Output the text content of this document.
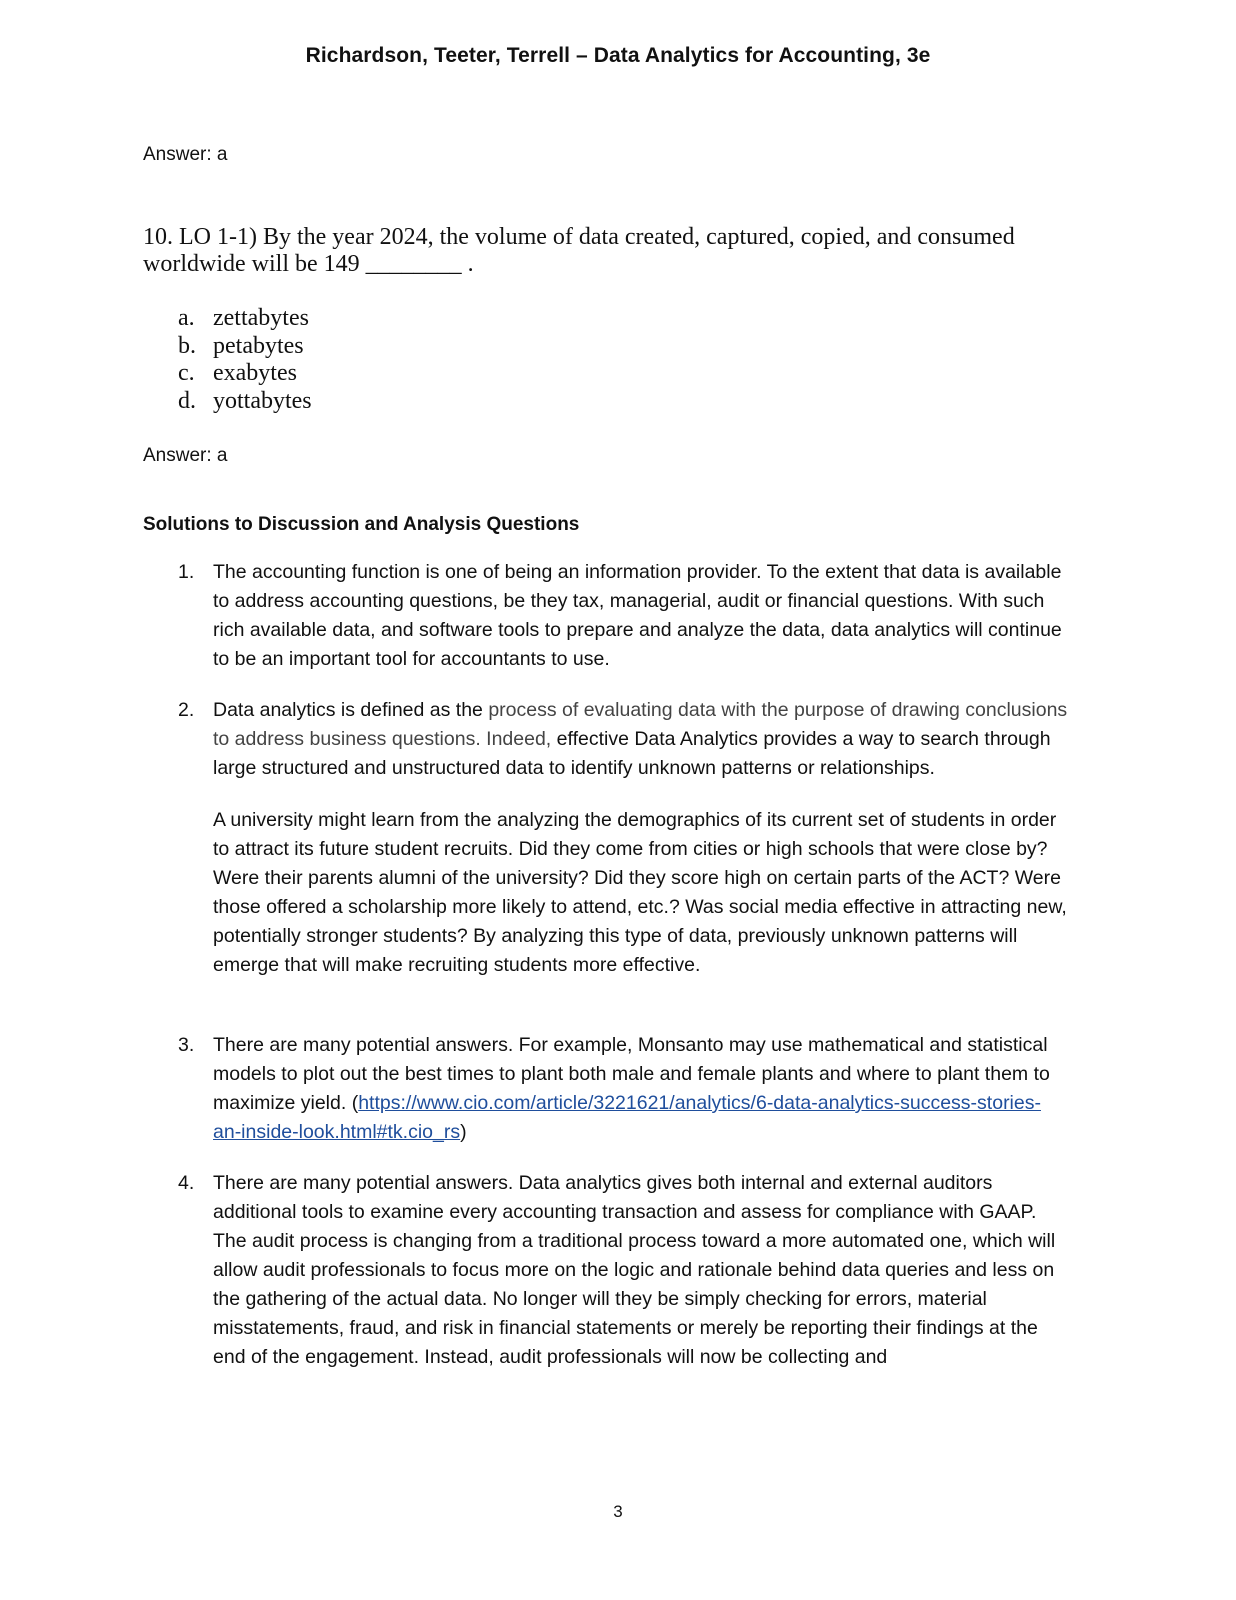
Richardson, Teeter, Terrell – Data Analytics for Accounting, 3e
Answer: a
10. LO 1-1) By the year 2024, the volume of data created, captured, copied, and consumed worldwide will be 149 ________ .
a. zettabytes
b. petabytes
c. exabytes
d. yottabytes
Answer: a
Solutions to Discussion and Analysis Questions
1. The accounting function is one of being an information provider. To the extent that data is available to address accounting questions, be they tax, managerial, audit or financial questions. With such rich available data, and software tools to prepare and analyze the data, data analytics will continue to be an important tool for accountants to use.

2. Data analytics is defined as the process of evaluating data with the purpose of drawing conclusions to address business questions. Indeed, effective Data Analytics provides a way to search through large structured and unstructured data to identify unknown patterns or relationships.

A university might learn from the analyzing the demographics of its current set of students in order to attract its future student recruits. Did they come from cities or high schools that were close by? Were their parents alumni of the university? Did they score high on certain parts of the ACT? Were those offered a scholarship more likely to attend, etc.? Was social media effective in attracting new, potentially stronger students? By analyzing this type of data, previously unknown patterns will emerge that will make recruiting students more effective.

3. There are many potential answers. For example, Monsanto may use mathematical and statistical models to plot out the best times to plant both male and female plants and where to plant them to maximize yield. (https://www.cio.com/article/3221621/analytics/6-data-analytics-success-stories-an-inside-look.html#tk.cio_rs)

4. There are many potential answers. Data analytics gives both internal and external auditors additional tools to examine every accounting transaction and assess for compliance with GAAP. The audit process is changing from a traditional process toward a more automated one, which will allow audit professionals to focus more on the logic and rationale behind data queries and less on the gathering of the actual data. No longer will they be simply checking for errors, material misstatements, fraud, and risk in financial statements or merely be reporting their findings at the end of the engagement. Instead, audit professionals will now be collecting and

3
